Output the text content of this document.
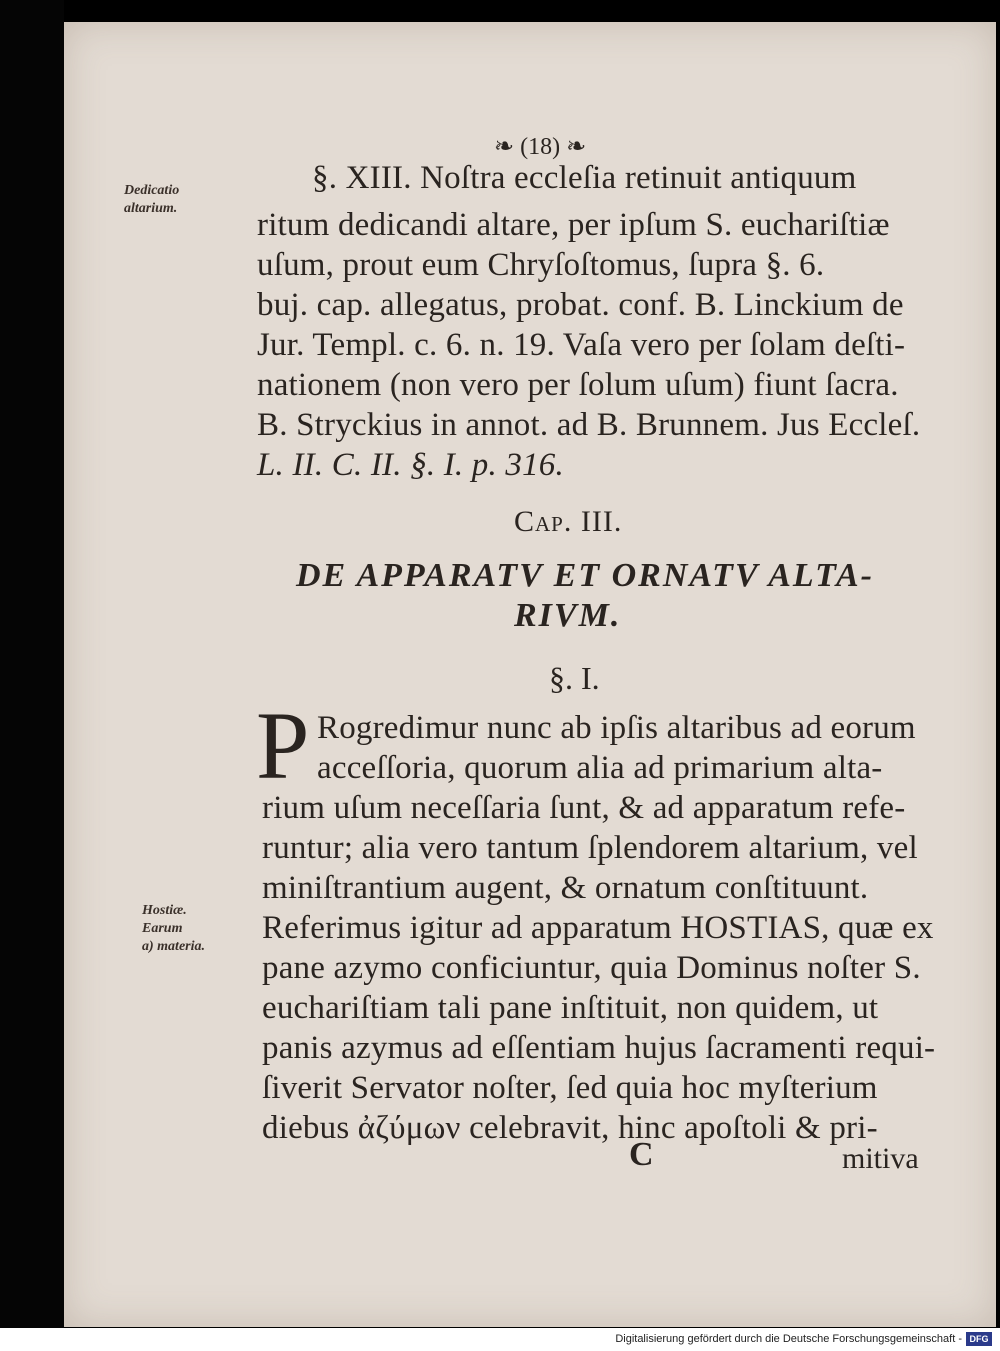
❧ (18) ❧
Dedicatio
altarium.
§. XIII. Noſtra eccleſia retinuit antiquum
ritum dedicandi altare, per ipſum S. euchariſtiæ
uſum, prout eum Chryſoſtomus, ſupra §. 6.
buj. cap. allegatus, probat. conf. B. Linckium de
Jur. Templ. c. 6. n. 19. Vaſa vero per ſolam deſti-
nationem (non vero per ſolum uſum) fiunt ſacra.
B. Stryckius in annot. ad B. Brunnem. Jus Eccleſ.
L. II. C. II. §. I. p. 316.
Cap. III.
DE APPARATV ET ORNATV ALTA-
RIVM.
§. I.
P Rogredimur nunc ab ipſis altaribus ad eorum
acceſſoria, quorum alia ad primarium alta-
rium uſum neceſſaria ſunt, & ad apparatum refe-
runtur; alia vero tantum ſplendorem altarium, vel
miniſtrantium augent, & ornatum conſtituunt.
Referimus igitur ad apparatum HOSTIAS, quæ ex
pane azymo conficiuntur, quia Dominus noſter S.
euchariſtiam tali pane inſtituit, non quidem, ut
panis azymus ad eſſentiam hujus ſacramenti requi-
ſiverit Servator noſter, ſed quia hoc myſterium
diebus ἀζύμων celebravit, hinc apoſtoli & pri-
Hostiæ.
Earum
a) materia.
C	mitiva
Digitalisierung gefördert durch die Deutsche Forschungsgemeinschaft - DFG
